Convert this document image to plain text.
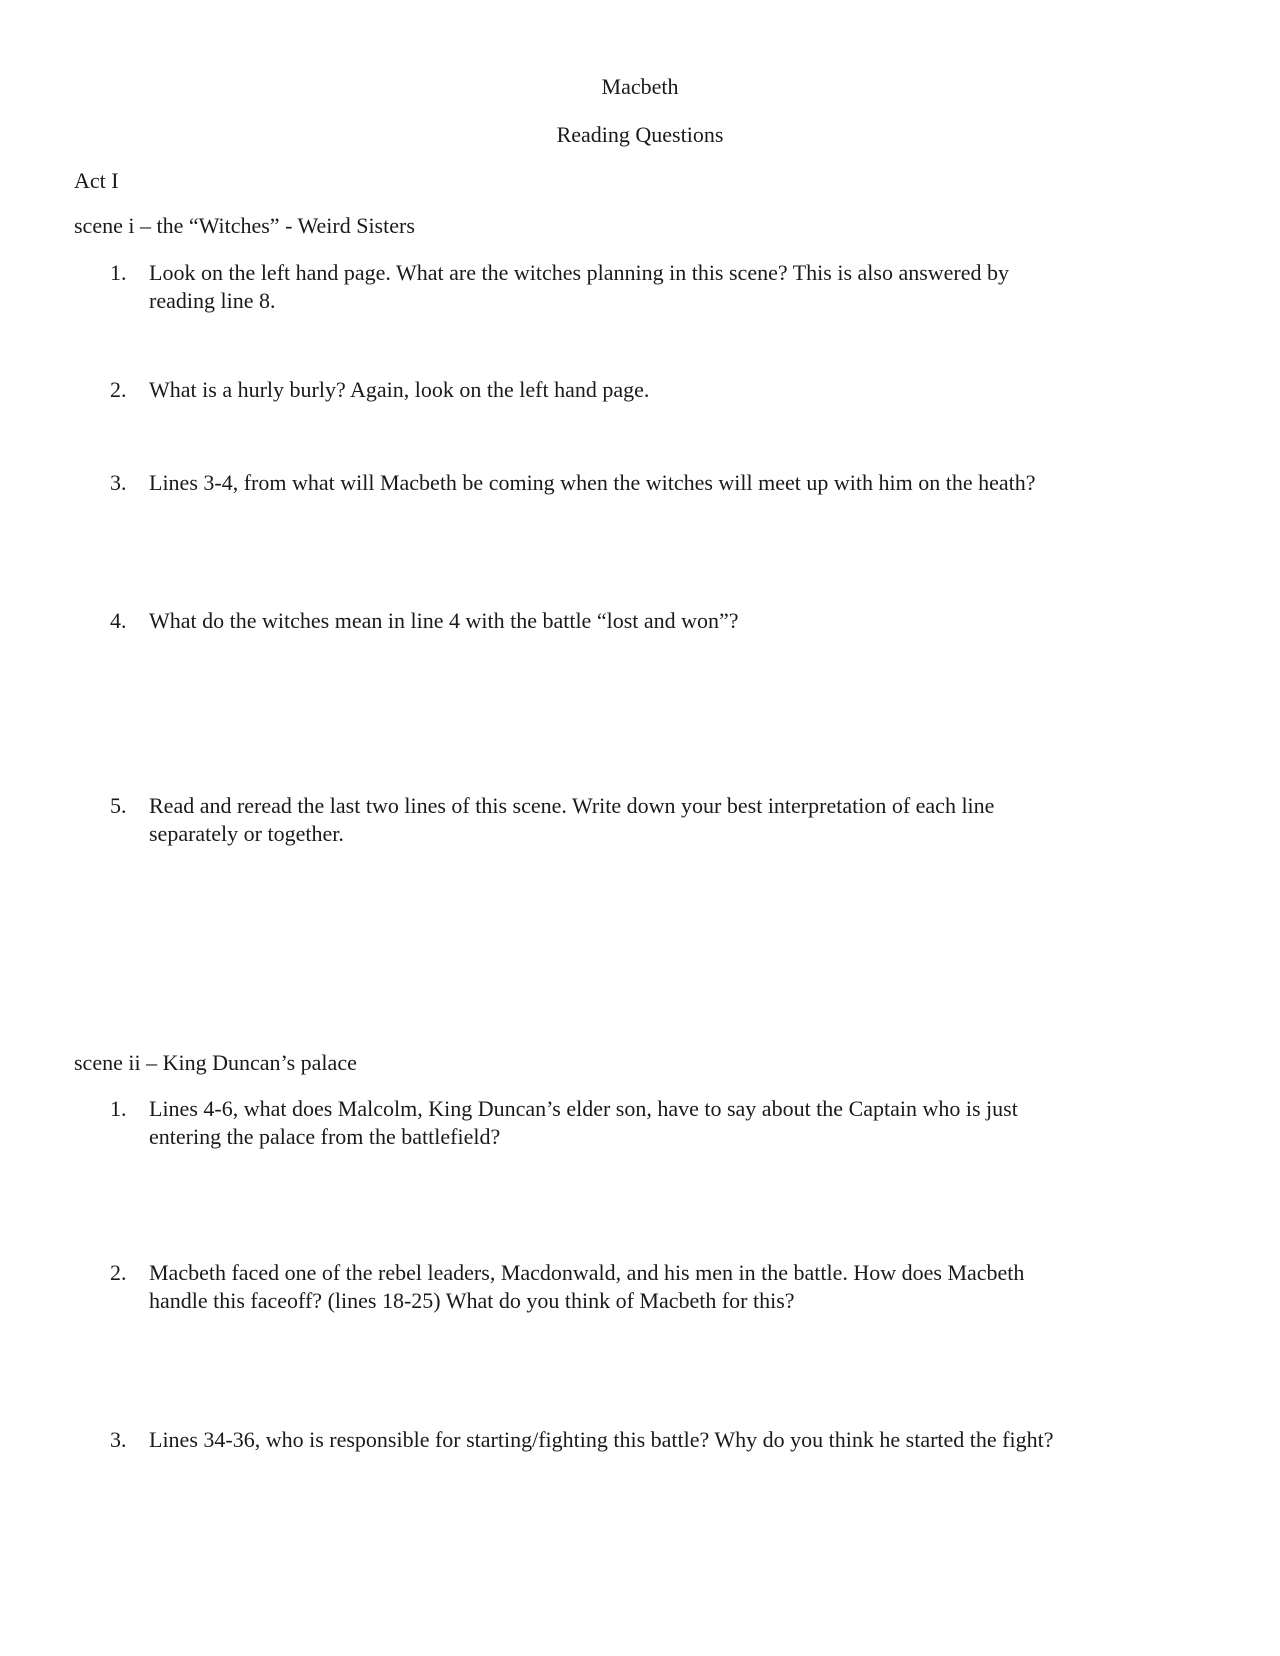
Macbeth
Reading Questions
Act I
scene i – the “Witches” - Weird Sisters
1.	Look on the left hand page. What are the witches planning in this scene? This is also answered by
reading line 8.
2.	What is a hurly burly? Again, look on the left hand page.
3.	Lines 3-4, from what will Macbeth be coming when the witches will meet up with him on the heath?
4.	What do the witches mean in line 4 with the battle “lost and won”?
5.	Read and reread the last two lines of this scene. Write down your best interpretation of each line
separately or together.
scene ii – King Duncan’s palace
1.	Lines 4-6, what does Malcolm, King Duncan’s elder son, have to say about the Captain who is just
entering the palace from the battlefield?
2.	Macbeth faced one of the rebel leaders, Macdonwald, and his men in the battle. How does Macbeth
handle this faceoff? (lines 18-25) What do you think of Macbeth for this?
3.	Lines 34-36, who is responsible for starting/fighting this battle? Why do you think he started the fight?
